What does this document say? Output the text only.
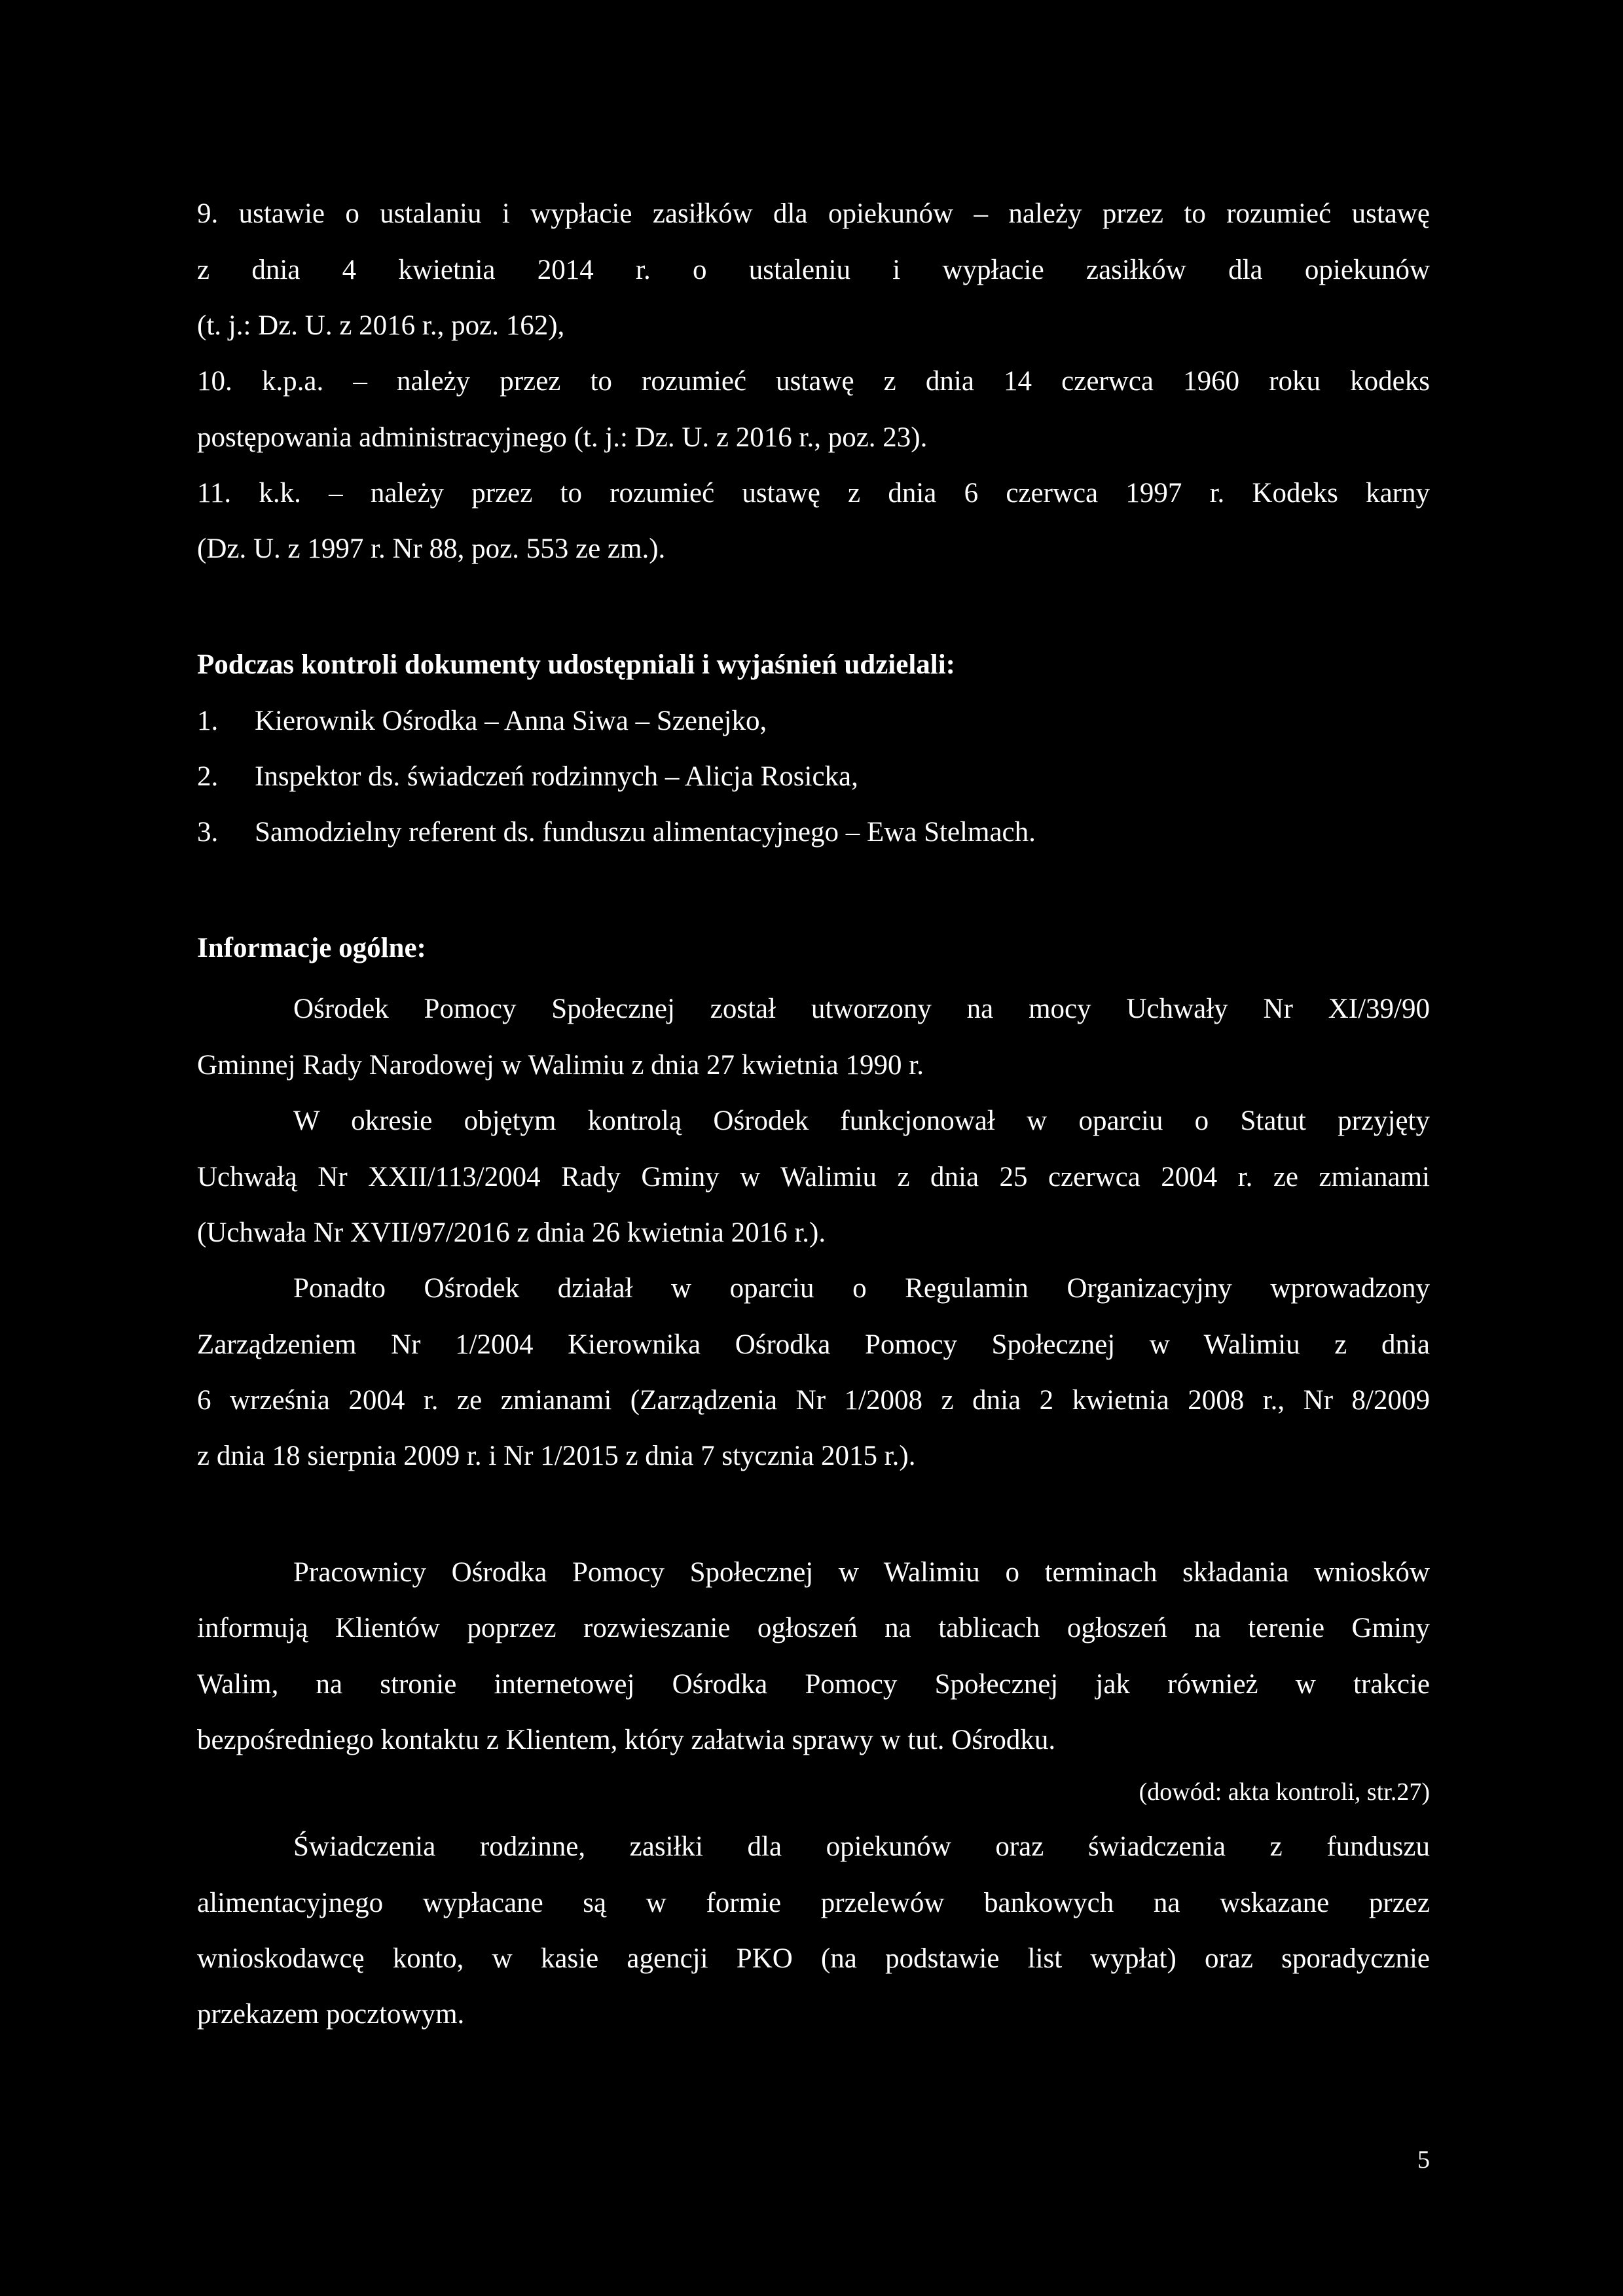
9. ustawie o ustalaniu i wypłacie zasiłków dla opiekunów – należy przez to rozumieć ustawę
z dnia 4 kwietnia 2014 r. o ustaleniu i wypłacie zasiłków dla opiekunów
(t. j.: Dz. U. z 2016 r., poz. 162),
10. k.p.a. – należy przez to rozumieć ustawę z dnia 14 czerwca 1960 roku kodeks
postępowania administracyjnego (t. j.: Dz. U. z 2016 r., poz. 23).
11. k.k. – należy przez to rozumieć ustawę z dnia 6 czerwca 1997 r. Kodeks karny
(Dz. U. z 1997 r. Nr 88, poz. 553 ze zm.).
Podczas kontroli dokumenty udostępniali i wyjaśnień udzielali:
1. Kierownik Ośrodka – Anna Siwa – Szenejko,
2. Inspektor ds. świadczeń rodzinnych – Alicja Rosicka,
3. Samodzielny referent ds. funduszu alimentacyjnego – Ewa Stelmach.
Informacje ogólne:
Ośrodek Pomocy Społecznej został utworzony na mocy Uchwały Nr XI/39/90
Gminnej Rady Narodowej w Walimiu z dnia 27 kwietnia 1990 r.
W okresie objętym kontrolą Ośrodek funkcjonował w oparciu o Statut przyjęty
Uchwałą Nr XXII/113/2004 Rady Gminy w Walimiu z dnia 25 czerwca 2004 r. ze zmianami
(Uchwała Nr XVII/97/2016 z dnia 26 kwietnia 2016 r.).
Ponadto Ośrodek działał w oparciu o Regulamin Organizacyjny wprowadzony
Zarządzeniem Nr 1/2004 Kierownika Ośrodka Pomocy Społecznej w Walimiu z dnia
6 września 2004 r. ze zmianami (Zarządzenia Nr 1/2008 z dnia 2 kwietnia 2008 r., Nr 8/2009
z dnia 18 sierpnia 2009 r. i Nr 1/2015 z dnia 7 stycznia 2015 r.).
Pracownicy Ośrodka Pomocy Społecznej w Walimiu o terminach składania wniosków
informują Klientów poprzez rozwieszanie ogłoszeń na tablicach ogłoszeń na terenie Gminy
Walim, na stronie internetowej Ośrodka Pomocy Społecznej jak również w trakcie
bezpośredniego kontaktu z Klientem, który załatwia sprawy w tut. Ośrodku.
(dowód: akta kontroli, str.27)
Świadczenia rodzinne, zasiłki dla opiekunów oraz świadczenia z funduszu
alimentacyjnego wypłacane są w formie przelewów bankowych na wskazane przez
wnioskodawcę konto, w kasie agencji PKO (na podstawie list wypłat) oraz sporadycznie
przekazem pocztowym.
5
